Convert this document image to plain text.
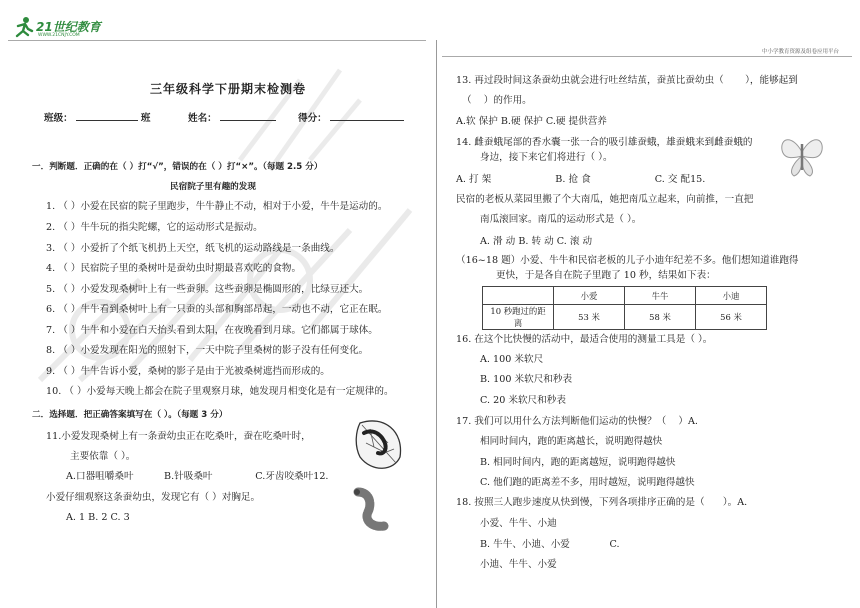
21世纪教育
WWW.21CNJY.COM
中小学教育资源及组卷应用平台
三年级科学下册期末检测卷
班级：	班	姓名：	得分：
一．判断题．正确的在（ ）打“√”，错误的在（ ）打“×”。（每题 2.5 分）
民宿院子里有趣的发现
1. （ ）小爱在民宿的院子里跑步，牛牛静止不动，相对于小爱，牛牛是运动的。
2. （ ）牛牛玩的指尖陀螺，它的运动形式是振动。
3. （ ）小爱折了个纸飞机扔上天空，纸飞机的运动路线是一条曲线。
4. （ ）民宿院子里的桑树叶是蚕幼虫时期最喜欢吃的食物。
5. （ ）小爱发现桑树叶上有一些蚕卵。这些蚕卵是椭圆形的，比绿豆还大。
6. （ ）牛牛看到桑树叶上有一只蚕的头部和胸部昂起，一动也不动，它正在眠。
7. （ ）牛牛和小爱在白天抬头看到太阳，在夜晚看到月球。它们都属于球体。
8. （ ）小爱发现在阳光的照射下，一天中院子里桑树的影子没有任何变化。
9. （ ）牛牛告诉小爱，桑树的影子是由于光被桑树遮挡而形成的。
10. （ ）小爱每天晚上都会在院子里观察月球，她发现月相变化是有一定规律的。
二．选择题．把正确答案填写在（ ）。（每题 3 分）
11.小爱发现桑树上有一条蚕幼虫正在吃桑叶，蚕在吃桑叶时，
主要依靠（ ）。
A.口器咀嚼桑叶          B.针吸桑叶              C.牙齿咬桑叶12.
小爱仔细观察这条蚕幼虫，发现它有（ ）对胸足。
A. 1 B. 2 C. 3
13. 再过段时间这条蚕幼虫就会进行吐丝结茧，蚕茧比蚕幼虫（       ），能够起到
（    ）的作用。
A.软 保护 B.硬 保护 C.硬 提供营养
14. 雌蚕蛾尾部的香水囊一张一合的吸引雄蚕蛾，雄蚕蛾来到雌蚕蛾的
身边，接下来它们将进行（ ）。
A. 打 架                     B. 抢 食                     C. 交 配15.
民宿的老板从菜园里搬了个大南瓜，她把南瓜立起来，向前推，一直把
南瓜滚回家。南瓜的运动形式是（ ）。
A. 滑 动 B. 转 动 C. 滚 动
（16~18 题）小爱、牛牛和民宿老板的儿子小迪年纪差不多。他们想知道谁跑得
更快，于是各自在院子里跑了 10 秒，结果如下表：
	小爱	牛牛	小迪
10 秒跑过的距离	53 米	58 米	56 米
16. 在这个比快慢的活动中，最适合使用的测量工具是（ ）。
A. 100 米软尺
B. 100 米软尺和秒表
C. 20 米软尺和秒表
17. 我们可以用什么方法判断他们运动的快慢？（    ）A.
相同时间内，跑的距离越长，说明跑得越快
B. 相同时间内，跑的距离越短，说明跑得越快
C. 他们跑的距离差不多，用时越短，说明跑得越快
18. 按照三人跑步速度从快到慢，下列各项排序正确的是（      ）。A.
小爱、牛牛、小迪
B. 牛牛、小迪、小爱             C.
小迪、牛牛、小爱
